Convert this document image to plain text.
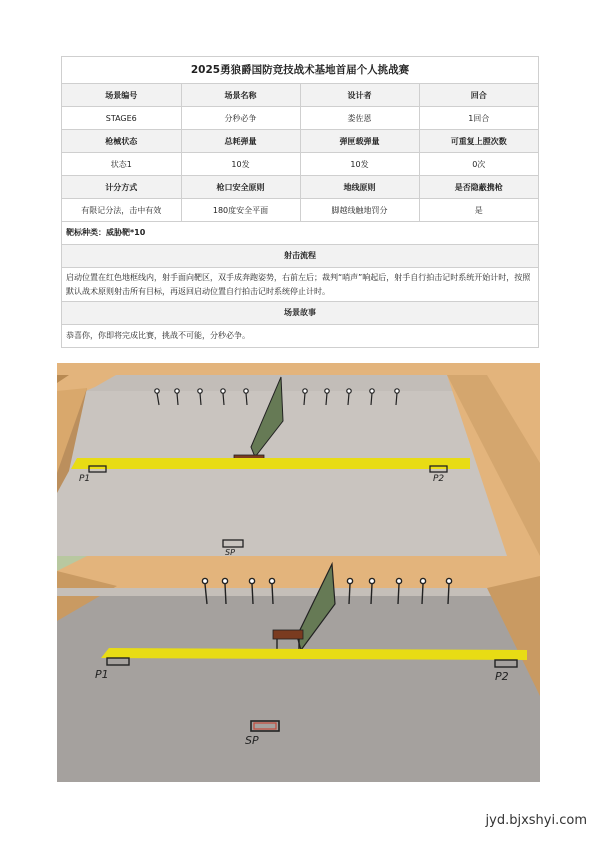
2025勇狼爵国防竞技战术基地首届个人挑战赛
场景编号	场景名称	设计者	回合
STAGE6	分秒必争	娄佐恩	1回合
枪械状态	总耗弹量	弹匣载弹量	可重复上膛次数
状态1	10发	10发	0次
计分方式	枪口安全原则	地线原则	是否隐蔽携枪
有限记分法，击中有效	180度安全平面	脚越线触地罚分	是
靶标种类：威胁靶*10
射击流程
启动位置在红色地框线内，射手面向靶区，双手成奔跑姿势，右前左后；裁判“哨声”响起后，射手自行拍击记时系统开始计时，按照默认战术原则射击所有目标，再返回启动位置自行拍击记时系统停止计时。
场景故事
恭喜你，你即将完成比赛，挑战不可能，分秒必争。
P1	P2
SP
P1	P2
SP
jyd.bjxshyi.com
